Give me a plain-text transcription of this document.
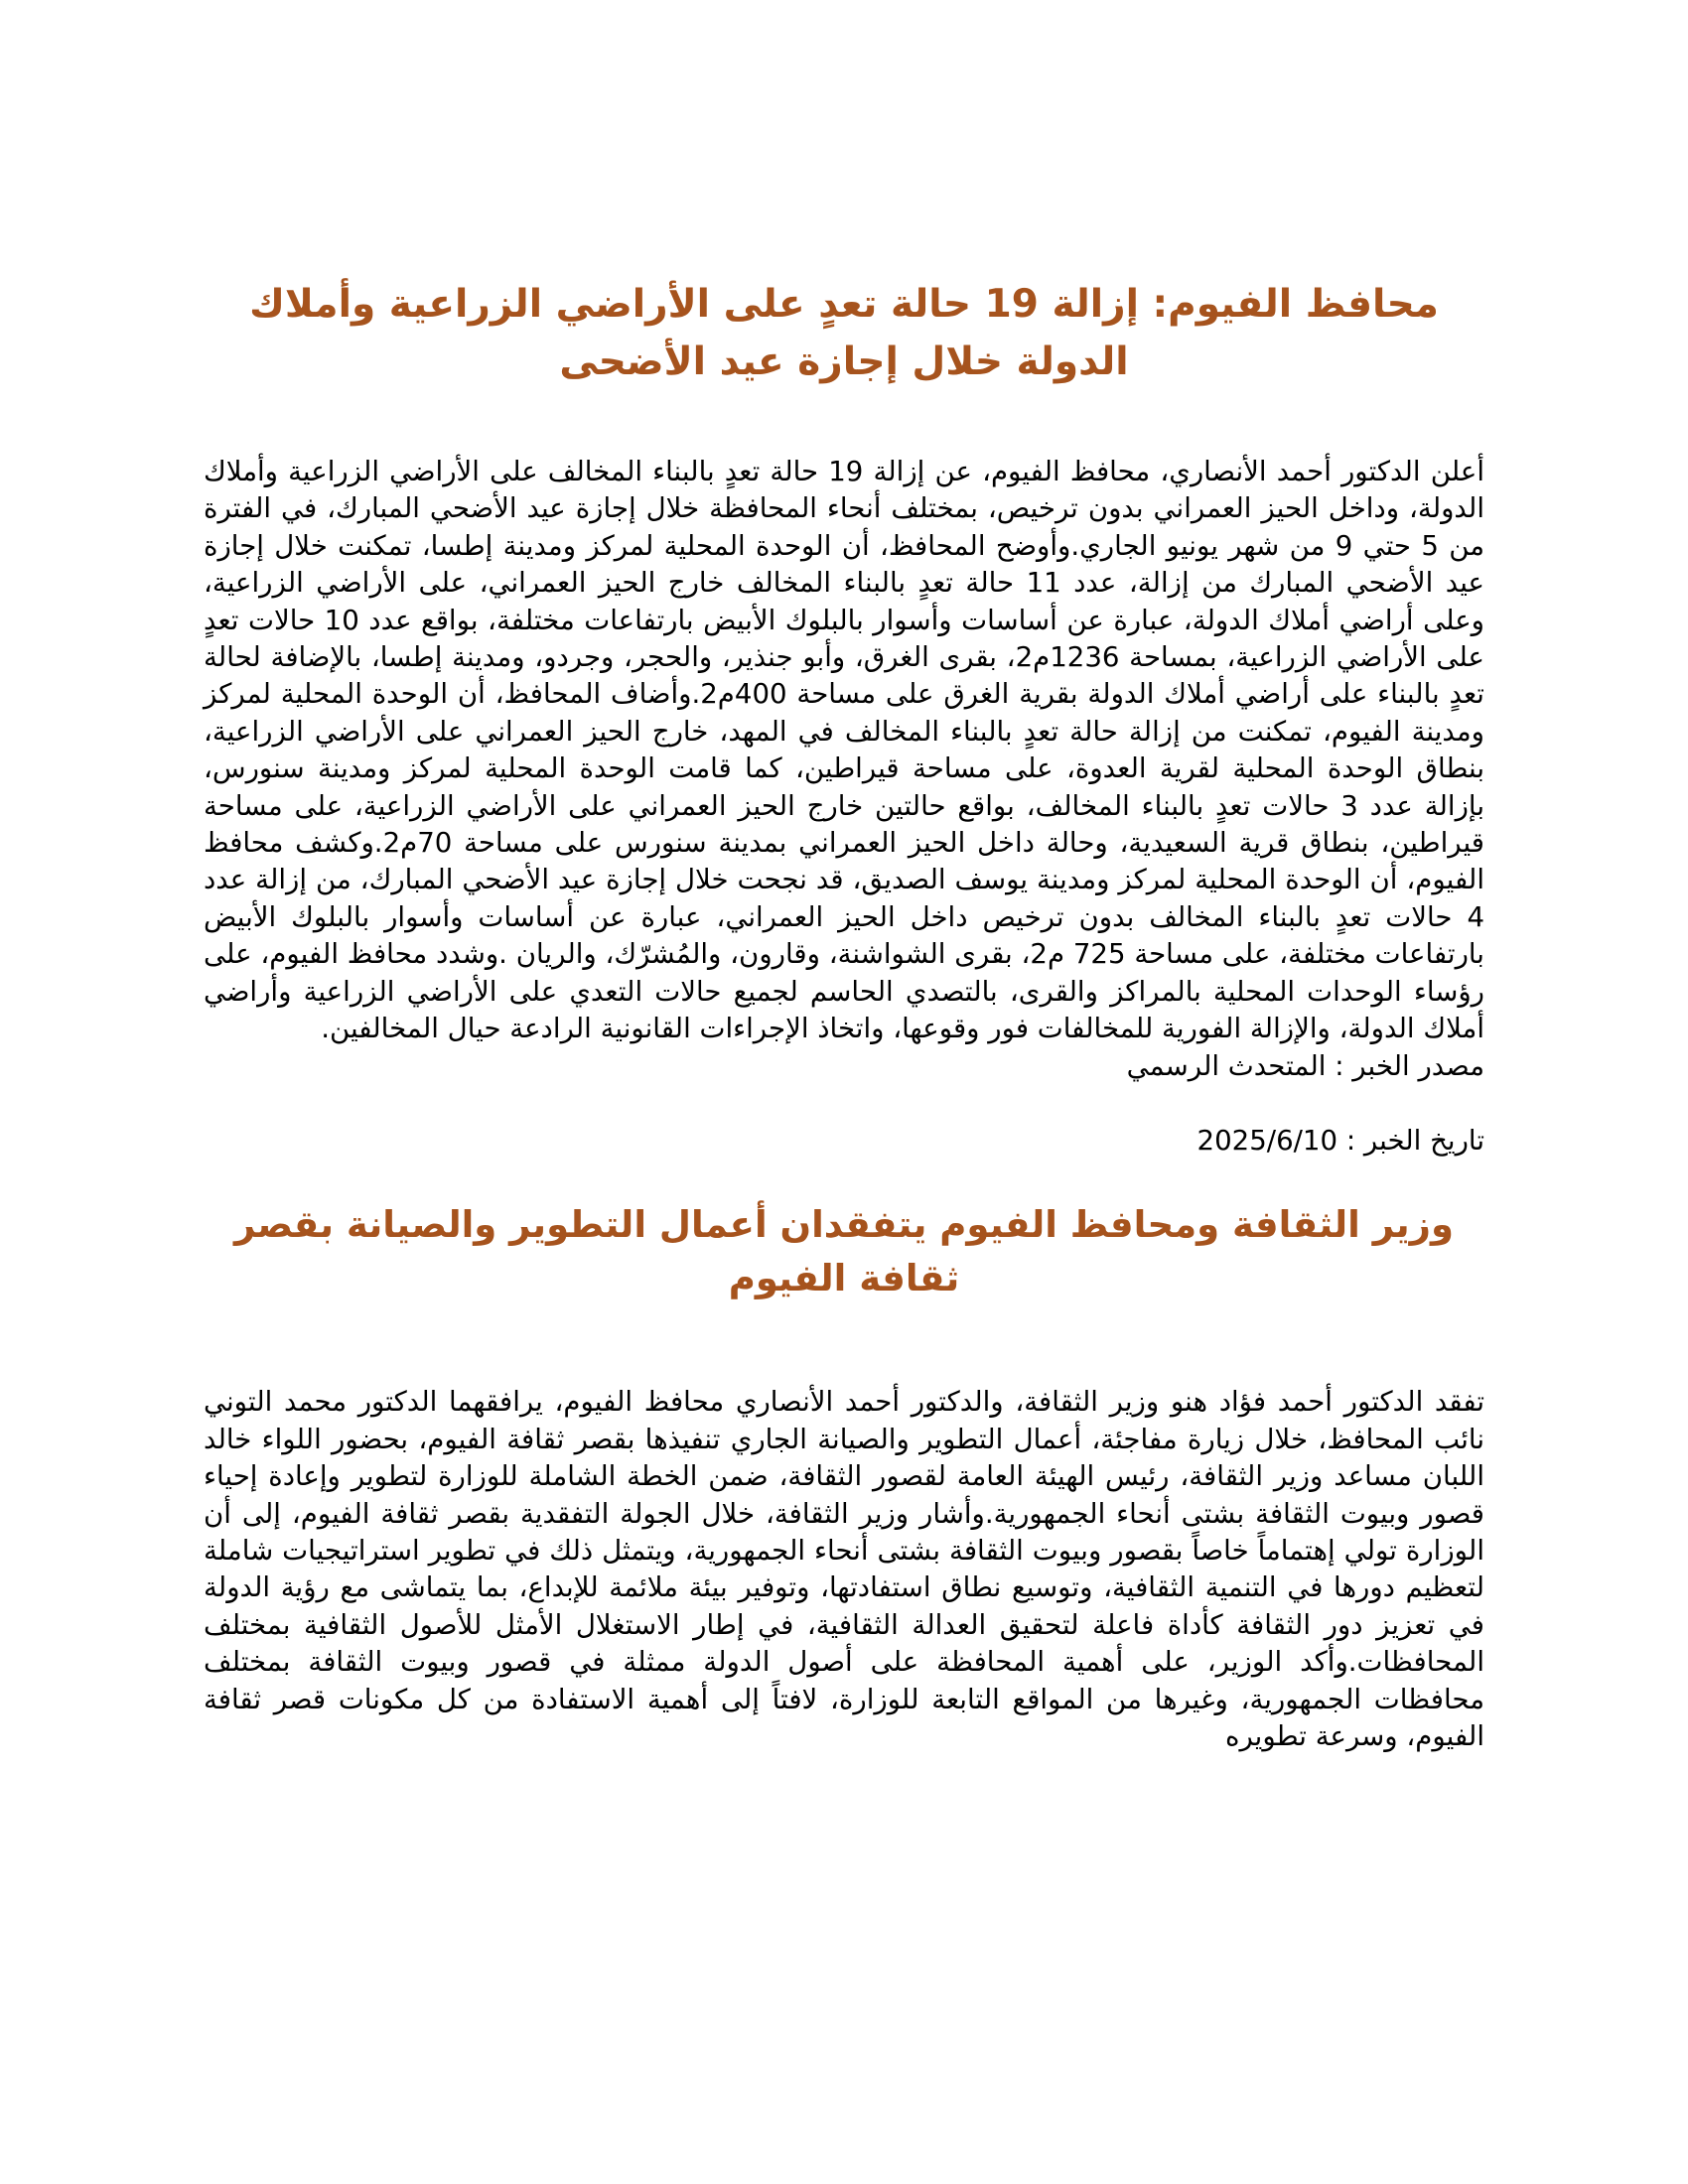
محافظ الفيوم: إزالة 19 حالة تعدٍ على الأراضي الزراعية وأملاك الدولة خلال إجازة عيد الأضحى

أعلن الدكتور أحمد الأنصاري، محافظ الفيوم، عن إزالة 19 حالة تعدٍ بالبناء المخالف على الأراضي الزراعية وأملاك الدولة، وداخل الحيز العمراني بدون ترخيص، بمختلف أنحاء المحافظة خلال إجازة عيد الأضحي المبارك، في الفترة من 5 حتي 9 من شهر يونيو الجاري.وأوضح المحافظ، أن الوحدة المحلية لمركز ومدينة إطسا، تمكنت خلال إجازة عيد الأضحي المبارك من إزالة، عدد 11 حالة تعدٍ بالبناء المخالف خارج الحيز العمراني، على الأراضي الزراعية، وعلى أراضي أملاك الدولة، عبارة عن أساسات وأسوار بالبلوك الأبيض بارتفاعات مختلفة، بواقع عدد 10 حالات تعدٍ على الأراضي الزراعية، بمساحة 1236م2، بقرى الغرق، وأبو جنذير، والحجر، وجردو، ومدينة إطسا، بالإضافة لحالة تعدٍ بالبناء على أراضي أملاك الدولة بقرية الغرق على مساحة 400م2.وأضاف المحافظ، أن الوحدة المحلية لمركز ومدينة الفيوم، تمكنت من إزالة حالة تعدٍ بالبناء المخالف في المهد، خارج الحيز العمراني على الأراضي الزراعية، بنطاق الوحدة المحلية لقرية العدوة، على مساحة قيراطين، كما قامت الوحدة المحلية لمركز ومدينة سنورس، بإزالة عدد 3 حالات تعدٍ بالبناء المخالف، بواقع حالتين خارج الحيز العمراني على الأراضي الزراعية، على مساحة قيراطين، بنطاق قرية السعيدية، وحالة داخل الحيز العمراني بمدينة سنورس على مساحة 70م2.وكشف محافظ الفيوم، أن الوحدة المحلية لمركز ومدينة يوسف الصديق، قد نجحت خلال إجازة عيد الأضحي المبارك، من إزالة عدد 4 حالات تعدٍ بالبناء المخالف بدون ترخيص داخل الحيز العمراني، عبارة عن أساسات وأسوار بالبلوك الأبيض بارتفاعات مختلفة، على مساحة 725 م2، بقرى الشواشنة، وقارون، والمُشرّك، والريان .وشدد محافظ الفيوم، على رؤساء الوحدات المحلية بالمراكز والقرى، بالتصدي الحاسم لجميع حالات التعدي على الأراضي الزراعية وأراضي أملاك الدولة، والإزالة الفورية للمخالفات فور وقوعها، واتخاذ الإجراءات القانونية الرادعة حيال المخالفين.

مصدر الخبر : المتحدث الرسمي

تاريخ الخبر : 2025/6/10

وزير الثقافة ومحافظ الفيوم يتفقدان أعمال التطوير والصيانة بقصر ثقافة الفيوم

تفقد الدكتور أحمد فؤاد هنو وزير الثقافة، والدكتور أحمد الأنصاري محافظ الفيوم، يرافقهما الدكتور محمد التوني نائب المحافظ، خلال زيارة مفاجئة، أعمال التطوير والصيانة الجاري تنفيذها بقصر ثقافة الفيوم، بحضور اللواء خالد اللبان مساعد وزير الثقافة، رئيس الهيئة العامة لقصور الثقافة، ضمن الخطة الشاملة للوزارة لتطوير وإعادة إحياء قصور وبيوت الثقافة بشتى أنحاء الجمهورية.وأشار وزير الثقافة، خلال الجولة التفقدية بقصر ثقافة الفيوم، إلى أن الوزارة تولي إهتماماً خاصاً بقصور وبيوت الثقافة بشتى أنحاء الجمهورية، ويتمثل ذلك في تطوير استراتيجيات شاملة لتعظيم دورها في التنمية الثقافية، وتوسيع نطاق استفادتها، وتوفير بيئة ملائمة للإبداع، بما يتماشى مع رؤية الدولة في تعزيز دور الثقافة كأداة فاعلة لتحقيق العدالة الثقافية، في إطار الاستغلال الأمثل للأصول الثقافية بمختلف المحافظات.وأكد الوزير، على أهمية المحافظة على أصول الدولة ممثلة في قصور وبيوت الثقافة بمختلف محافظات الجمهورية، وغيرها من المواقع التابعة للوزارة، لافتاً إلى أهمية الاستفادة من كل مكونات قصر ثقافة الفيوم، وسرعة تطويره
